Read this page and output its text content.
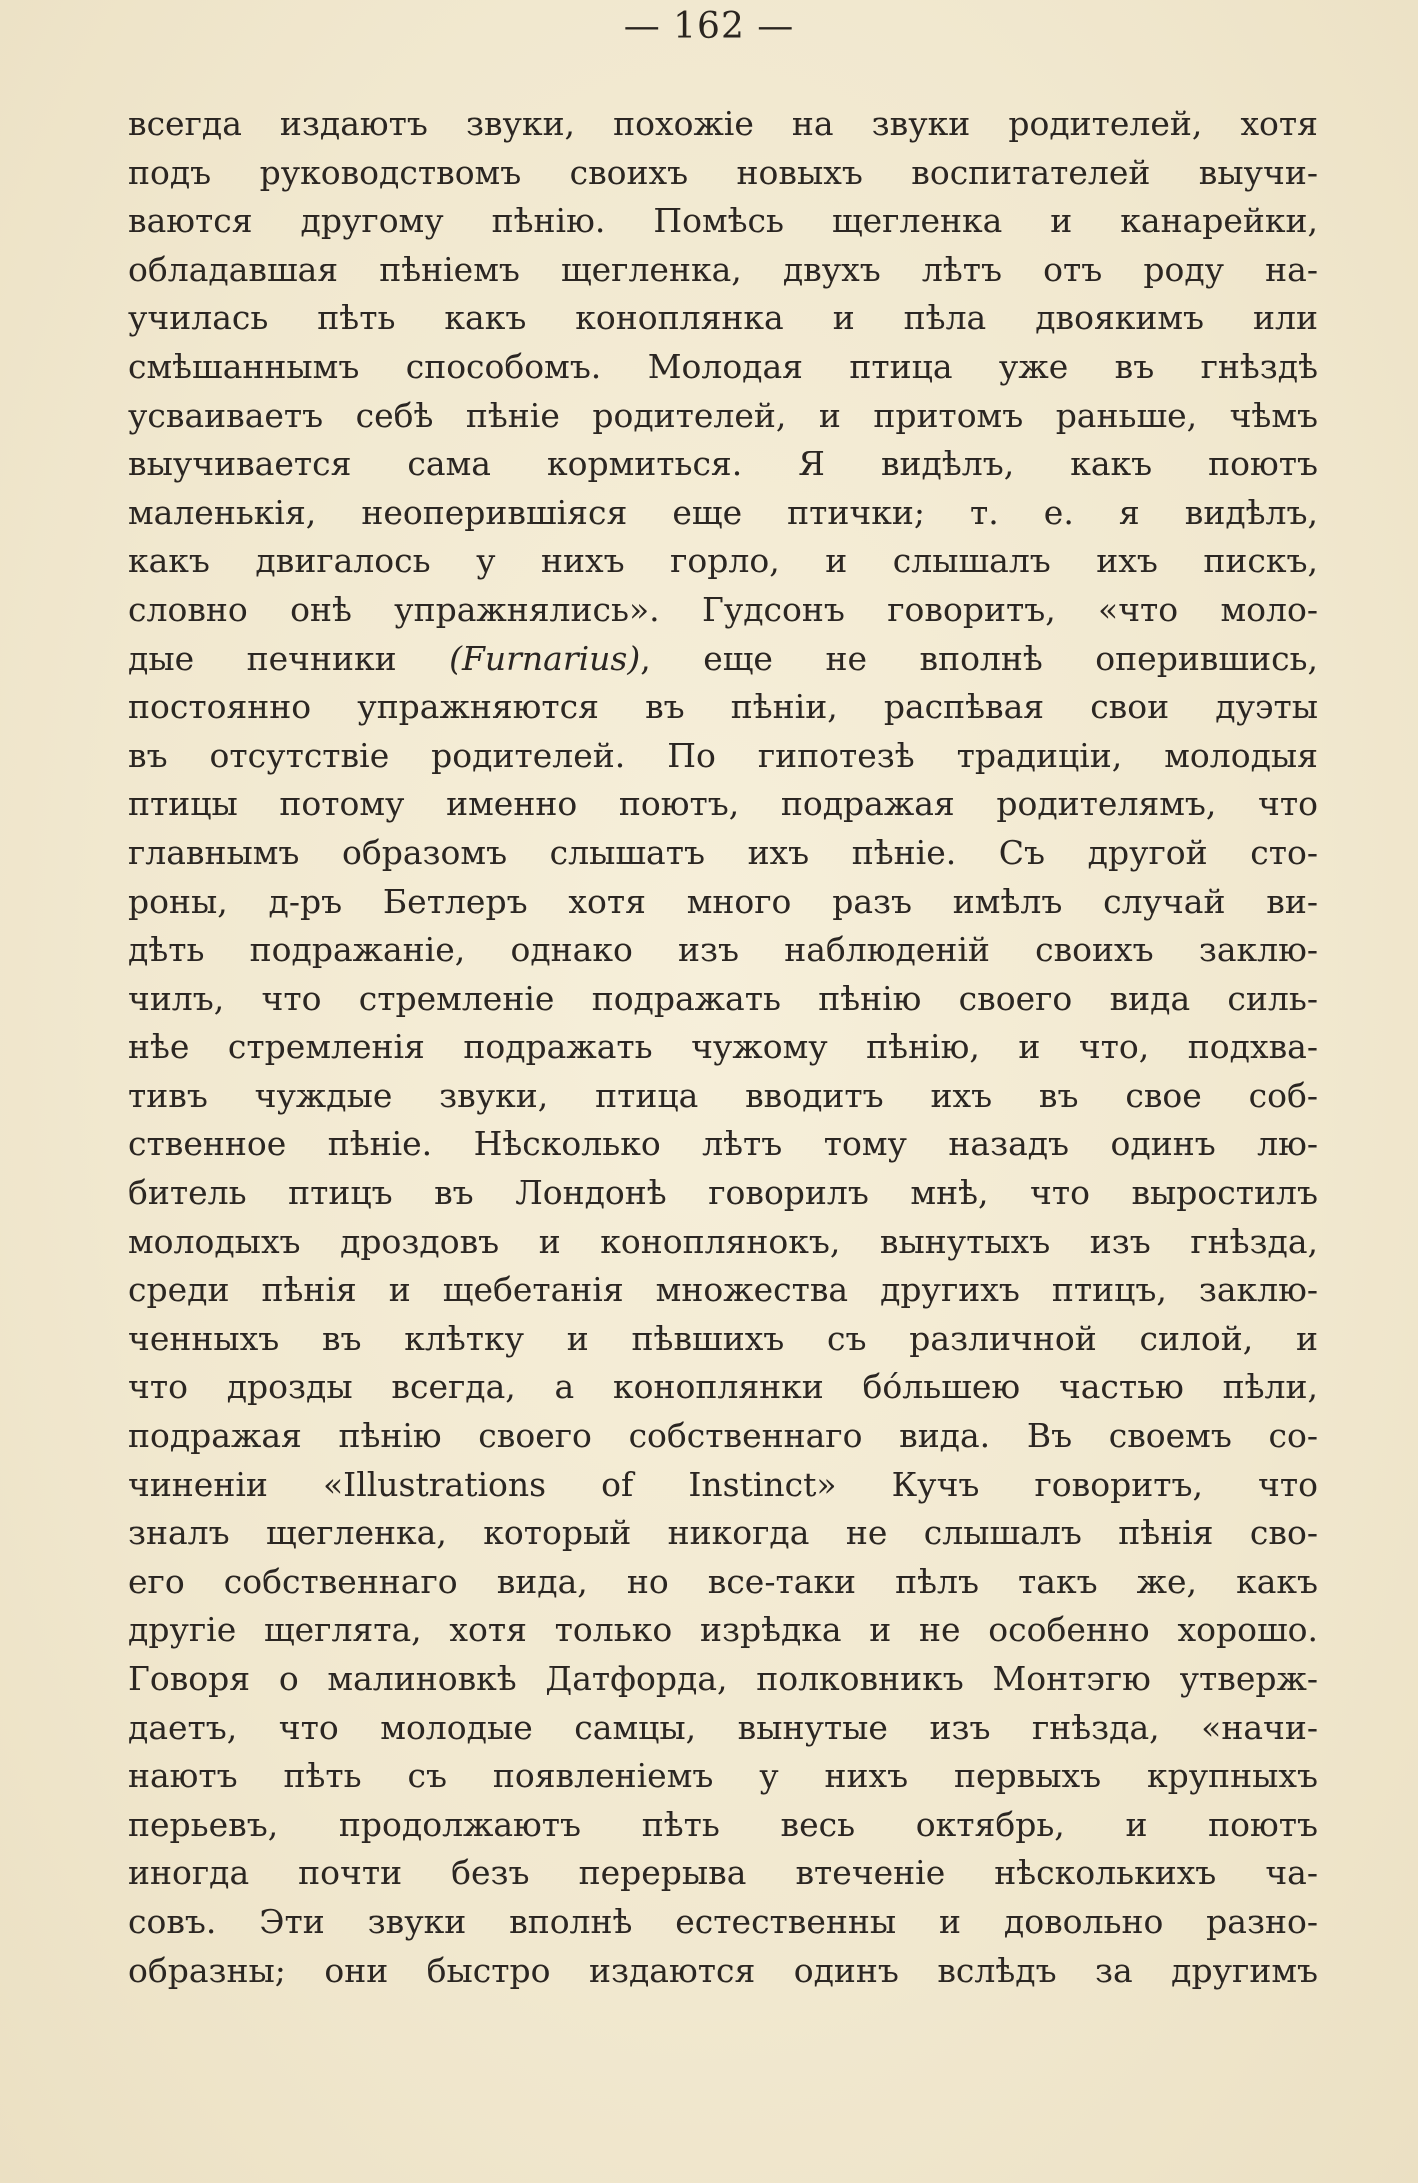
— 162 —
всегда издаютъ звуки, похожіе на звуки родителей, хотя
подъ руководствомъ своихъ новыхъ воспитателей выучи-
ваются другому пѣнію. Помѣсь щегленка и канарейки,
обладавшая пѣніемъ щегленка, двухъ лѣтъ отъ роду на-
училась пѣть какъ коноплянка и пѣла двоякимъ или
смѣшаннымъ способомъ. Молодая птица уже въ гнѣздѣ
усваиваетъ себѣ пѣніе родителей, и притомъ раньше, чѣмъ
выучивается сама кормиться. Я видѣлъ, какъ поютъ
маленькія, неоперившіяся еще птички; т. е. я видѣлъ,
какъ двигалось у нихъ горло, и слышалъ ихъ пискъ,
словно онѣ упражнялись». Гудсонъ говоритъ, «что моло-
дые печники (Furnarius), еще не вполнѣ оперившись,
постоянно упражняются въ пѣніи, распѣвая свои дуэты
въ отсутствіе родителей. По гипотезѣ традиціи, молодыя
птицы потому именно поютъ, подражая родителямъ, что
главнымъ образомъ слышатъ ихъ пѣніе. Съ другой сто-
роны, д-ръ Бетлеръ хотя много разъ имѣлъ случай ви-
дѣть подражаніе, однако изъ наблюденій своихъ заклю-
чилъ, что стремленіе подражать пѣнію своего вида силь-
нѣе стремленія подражать чужому пѣнію, и что, подхва-
тивъ чуждые звуки, птица вводитъ ихъ въ свое соб-
ственное пѣніе. Нѣсколько лѣтъ тому назадъ одинъ лю-
битель птицъ въ Лондонѣ говорилъ мнѣ, что выростилъ
молодыхъ дроздовъ и коноплянокъ, вынутыхъ изъ гнѣзда,
среди пѣнія и щебетанія множества другихъ птицъ, заклю-
ченныхъ въ клѣтку и пѣвшихъ съ различной силой, и
что дрозды всегда, а коноплянки бо́льшею частью пѣли,
подражая пѣнію своего собственнаго вида. Въ своемъ со-
чиненіи «Illustrations of Instinct» Кучъ говоритъ, что
зналъ щегленка, который никогда не слышалъ пѣнія сво-
его собственнаго вида, но все-таки пѣлъ такъ же, какъ
другіе щеглята, хотя только изрѣдка и не особенно хорошо.
Говоря о малиновкѣ Датфорда, полковникъ Монтэгю утверж-
даетъ, что молодые самцы, вынутые изъ гнѣзда, «начи-
наютъ пѣть съ появленіемъ у нихъ первыхъ крупныхъ
перьевъ, продолжаютъ пѣть весь октябрь, и поютъ
иногда почти безъ перерыва втеченіе нѣсколькихъ ча-
совъ. Эти звуки вполнѣ естественны и довольно разно-
образны; они быстро издаются одинъ вслѣдъ за другимъ
